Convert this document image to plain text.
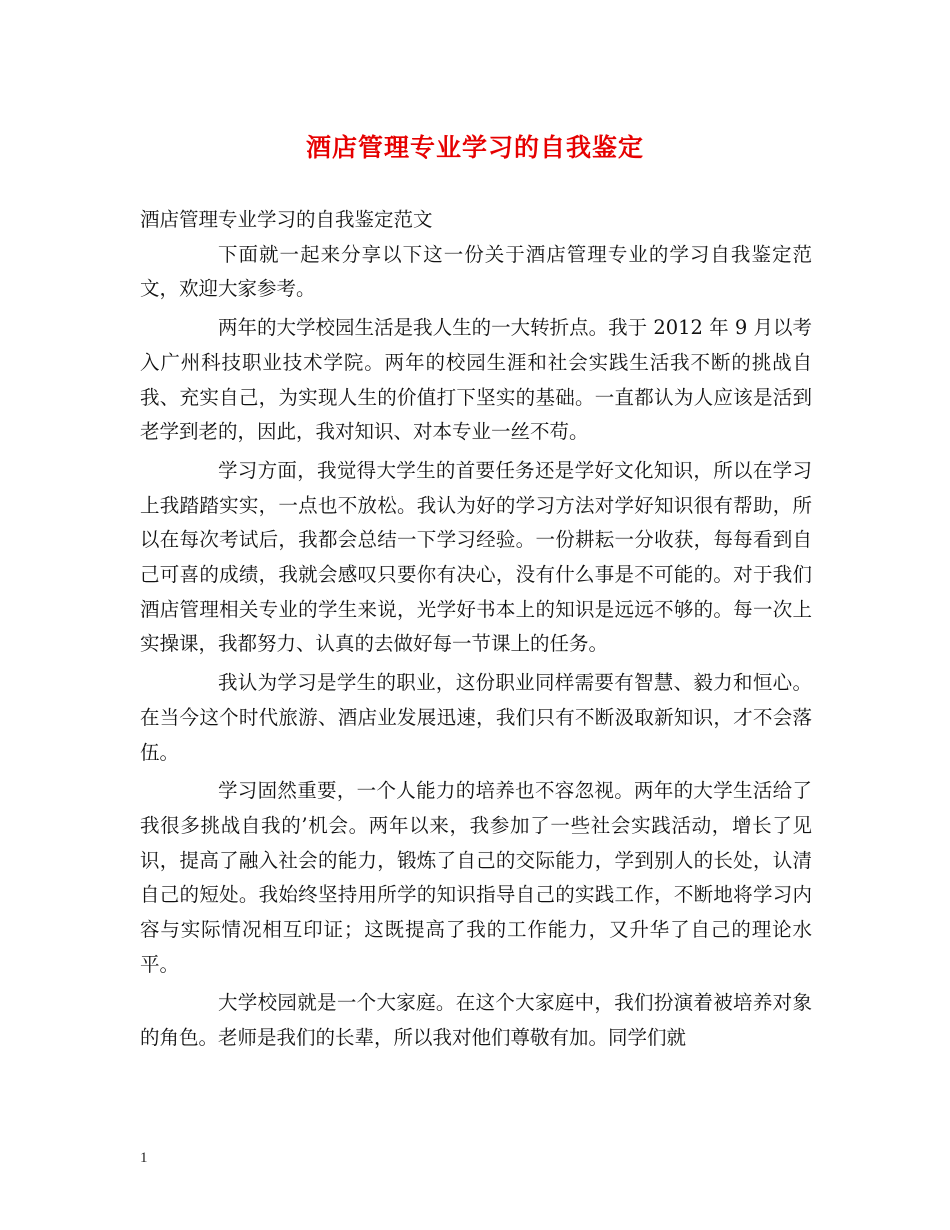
酒店管理专业学习的自我鉴定

酒店管理专业学习的自我鉴定范文

下面就一起来分享以下这一份关于酒店管理专业的学习自我鉴定范文，欢迎大家参考。

两年的大学校园生活是我人生的一大转折点。我于 2012 年 9 月以考入广州科技职业技术学院。两年的校园生涯和社会实践生活我不断的挑战自我、充实自己，为实现人生的价值打下坚实的基础。一直都认为人应该是活到老学到老的，因此，我对知识、对本专业一丝不苟。

学习方面，我觉得大学生的首要任务还是学好文化知识，所以在学习上我踏踏实实，一点也不放松。我认为好的学习方法对学好知识很有帮助，所以在每次考试后，我都会总结一下学习经验。一份耕耘一分收获，每每看到自己可喜的成绩，我就会感叹只要你有决心，没有什么事是不可能的。对于我们酒店管理相关专业的学生来说，光学好书本上的知识是远远不够的。每一次上实操课，我都努力、认真的去做好每一节课上的任务。

我认为学习是学生的职业，这份职业同样需要有智慧、毅力和恒心。在当今这个时代旅游、酒店业发展迅速，我们只有不断汲取新知识，才不会落伍。

学习固然重要，一个人能力的培养也不容忽视。两年的大学生活给了我很多挑战自我的’机会。两年以来，我参加了一些社会实践活动，增长了见识，提高了融入社会的能力，锻炼了自己的交际能力，学到别人的长处，认清自己的短处。我始终坚持用所学的知识指导自己的实践工作，不断地将学习内容与实际情况相互印证；这既提高了我的工作能力，又升华了自己的理论水平。

大学校园就是一个大家庭。在这个大家庭中，我们扮演着被培养对象的角色。老师是我们的长辈，所以我对他们尊敬有加。同学们就

1
